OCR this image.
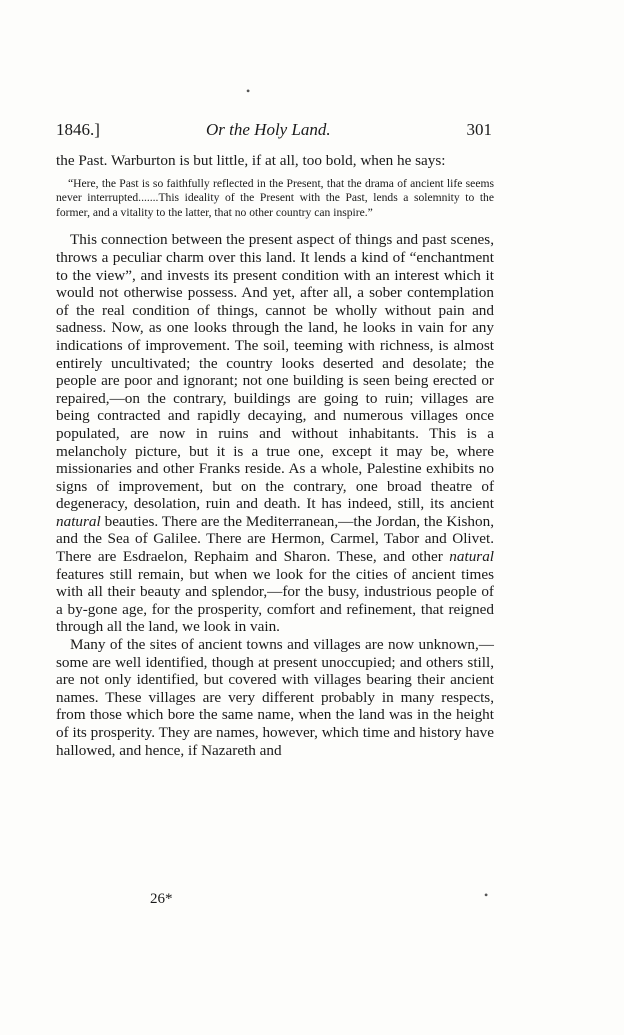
•
1846.]	Or the Holy Land.	301

the Past. Warburton is but little, if at all, too bold, when he says:

“Here, the Past is so faithfully reflected in the Present, that the drama of ancient life seems never interrupted.......This ideality of the Present with the Past, lends a solemnity to the former, and a vitality to the latter, that no other country can inspire.”

This connection between the present aspect of things and past scenes, throws a peculiar charm over this land. It lends a kind of “enchantment to the view”, and invests its present condition with an interest which it would not otherwise possess. And yet, after all, a sober contemplation of the real condition of things, cannot be wholly without pain and sadness. Now, as one looks through the land, he looks in vain for any indications of improvement. The soil, teeming with richness, is almost entirely uncultivated; the country looks deserted and desolate; the people are poor and ignorant; not one building is seen being erected or repaired,—on the contrary, buildings are going to ruin; villages are being contracted and rapidly decaying, and numerous villages once populated, are now in ruins and without inhabitants. This is a melancholy picture, but it is a true one, except it may be, where missionaries and other Franks reside. As a whole, Palestine exhibits no signs of improvement, but on the contrary, one broad theatre of degeneracy, desolation, ruin and death. It has indeed, still, its ancient natural beauties. There are the Mediterranean,—the Jordan, the Kishon, and the Sea of Galilee. There are Hermon, Carmel, Tabor and Olivet. There are Esdraelon, Rephaim and Sharon. These, and other natural features still remain, but when we look for the cities of ancient times with all their beauty and splendor,—for the busy, industrious people of a by-gone age, for the prosperity, comfort and refinement, that reigned through all the land, we look in vain.

Many of the sites of ancient towns and villages are now unknown,—some are well identified, though at present unoccupied; and others still, are not only identified, but covered with villages bearing their ancient names. These villages are very different probably in many respects, from those which bore the same name, when the land was in the height of its prosperity. They are names, however, which time and history have hallowed, and hence, if Nazareth and

26*	•
